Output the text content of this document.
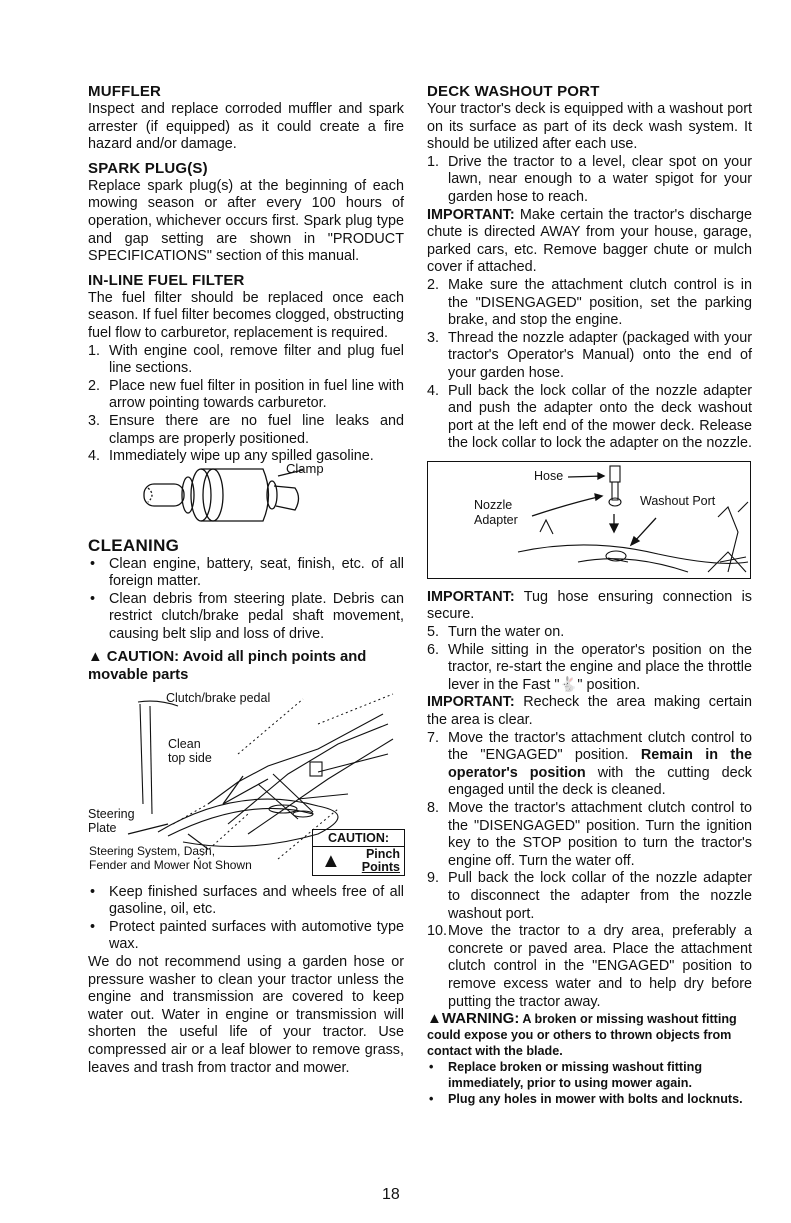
MUFFLER

Inspect and replace corroded muffler and spark arrester (if equipped) as it could create a fire hazard and/or damage.

SPARK PLUG(S)

Replace spark plug(s) at the beginning of each mowing season or after every 100 hours of operation, whichever occurs first. Spark plug type and gap setting are shown in "PRODUCT SPECIFICATIONS" section of this manual.

IN-LINE FUEL FILTER

The fuel filter should be replaced once each season. If fuel filter becomes clogged, obstructing fuel flow to carburetor, replacement is required.

1. With engine cool, remove filter and plug fuel line sections.
2. Place new fuel filter in position in fuel line with arrow pointing towards carburetor.
3. Ensure there are no fuel line leaks and clamps are properly positioned.
4. Immediately wipe up any spilled gasoline.
Clamp
CLEANING
• Clean engine, battery, seat, finish, etc. of all foreign matter.
• Clean debris from steering plate. Debris can restrict clutch/brake pedal shaft movement, causing belt slip and loss of drive.
▲ CAUTION: Avoid all pinch points and movable parts
Clutch/brake pedal
Clean
top side
Steering
Plate
Steering System, Dash,
Fender and Mower Not Shown
CAUTION:
▲ Pinch
Points
• Keep finished surfaces and wheels free of all gasoline, oil, etc.
• Protect painted surfaces with automotive type wax.

We do not recommend using a garden hose or pressure washer to clean your tractor unless the engine and transmission are covered to keep water out. Water in engine or transmission will shorten the useful life of your tractor. Use compressed air or a leaf blower to remove grass, leaves and trash from tractor and mower.

DECK WASHOUT PORT

Your tractor's deck is equipped with a washout port on its surface as part of its deck wash system. It should be utilized after each use.

1. Drive the tractor to a level, clear spot on your lawn, near enough to a water spigot for your garden hose to reach.

IMPORTANT: Make certain the tractor's discharge chute is directed AWAY from your house, garage, parked cars, etc. Remove bagger chute or mulch cover if attached.

2. Make sure the attachment clutch control is in the "DISENGAGED" position, set the parking brake, and stop the engine.
3. Thread the nozzle adapter (packaged with your tractor's Operator's Manual) onto the end of your garden hose.
4. Pull back the lock collar of the nozzle adapter and push the adapter onto the deck washout port at the left end of the mower deck. Release the lock collar to lock the adapter on the nozzle.
Hose
Nozzle
Adapter
Washout Port

IMPORTANT: Tug hose ensuring connection is secure.

5. Turn the water on.
6. While sitting in the operator's position on the tractor, re-start the engine and place the throttle lever in the Fast "🐇" position.

IMPORTANT: Recheck the area making certain the area is clear.

7. Move the tractor's attachment clutch control to the "ENGAGED" position. Remain in the operator's position with the cutting deck engaged until the deck is cleaned.
8. Move the tractor's attachment clutch control to the "DISENGAGED" position. Turn the ignition key to the STOP position to turn the tractor's engine off. Turn the water off.
9. Pull back the lock collar of the nozzle adapter to disconnect the adapter from the nozzle washout port.
10. Move the tractor to a dry area, preferably a concrete or paved area. Place the attachment clutch control in the "ENGAGED" position to remove excess water and to help dry before putting the tractor away.
▲WARNING: A broken or missing washout fitting could expose you or others to thrown objects from contact with the blade.
• Replace broken or missing washout fitting immediately, prior to using mower again.
• Plug any holes in mower with bolts and locknuts.
18
